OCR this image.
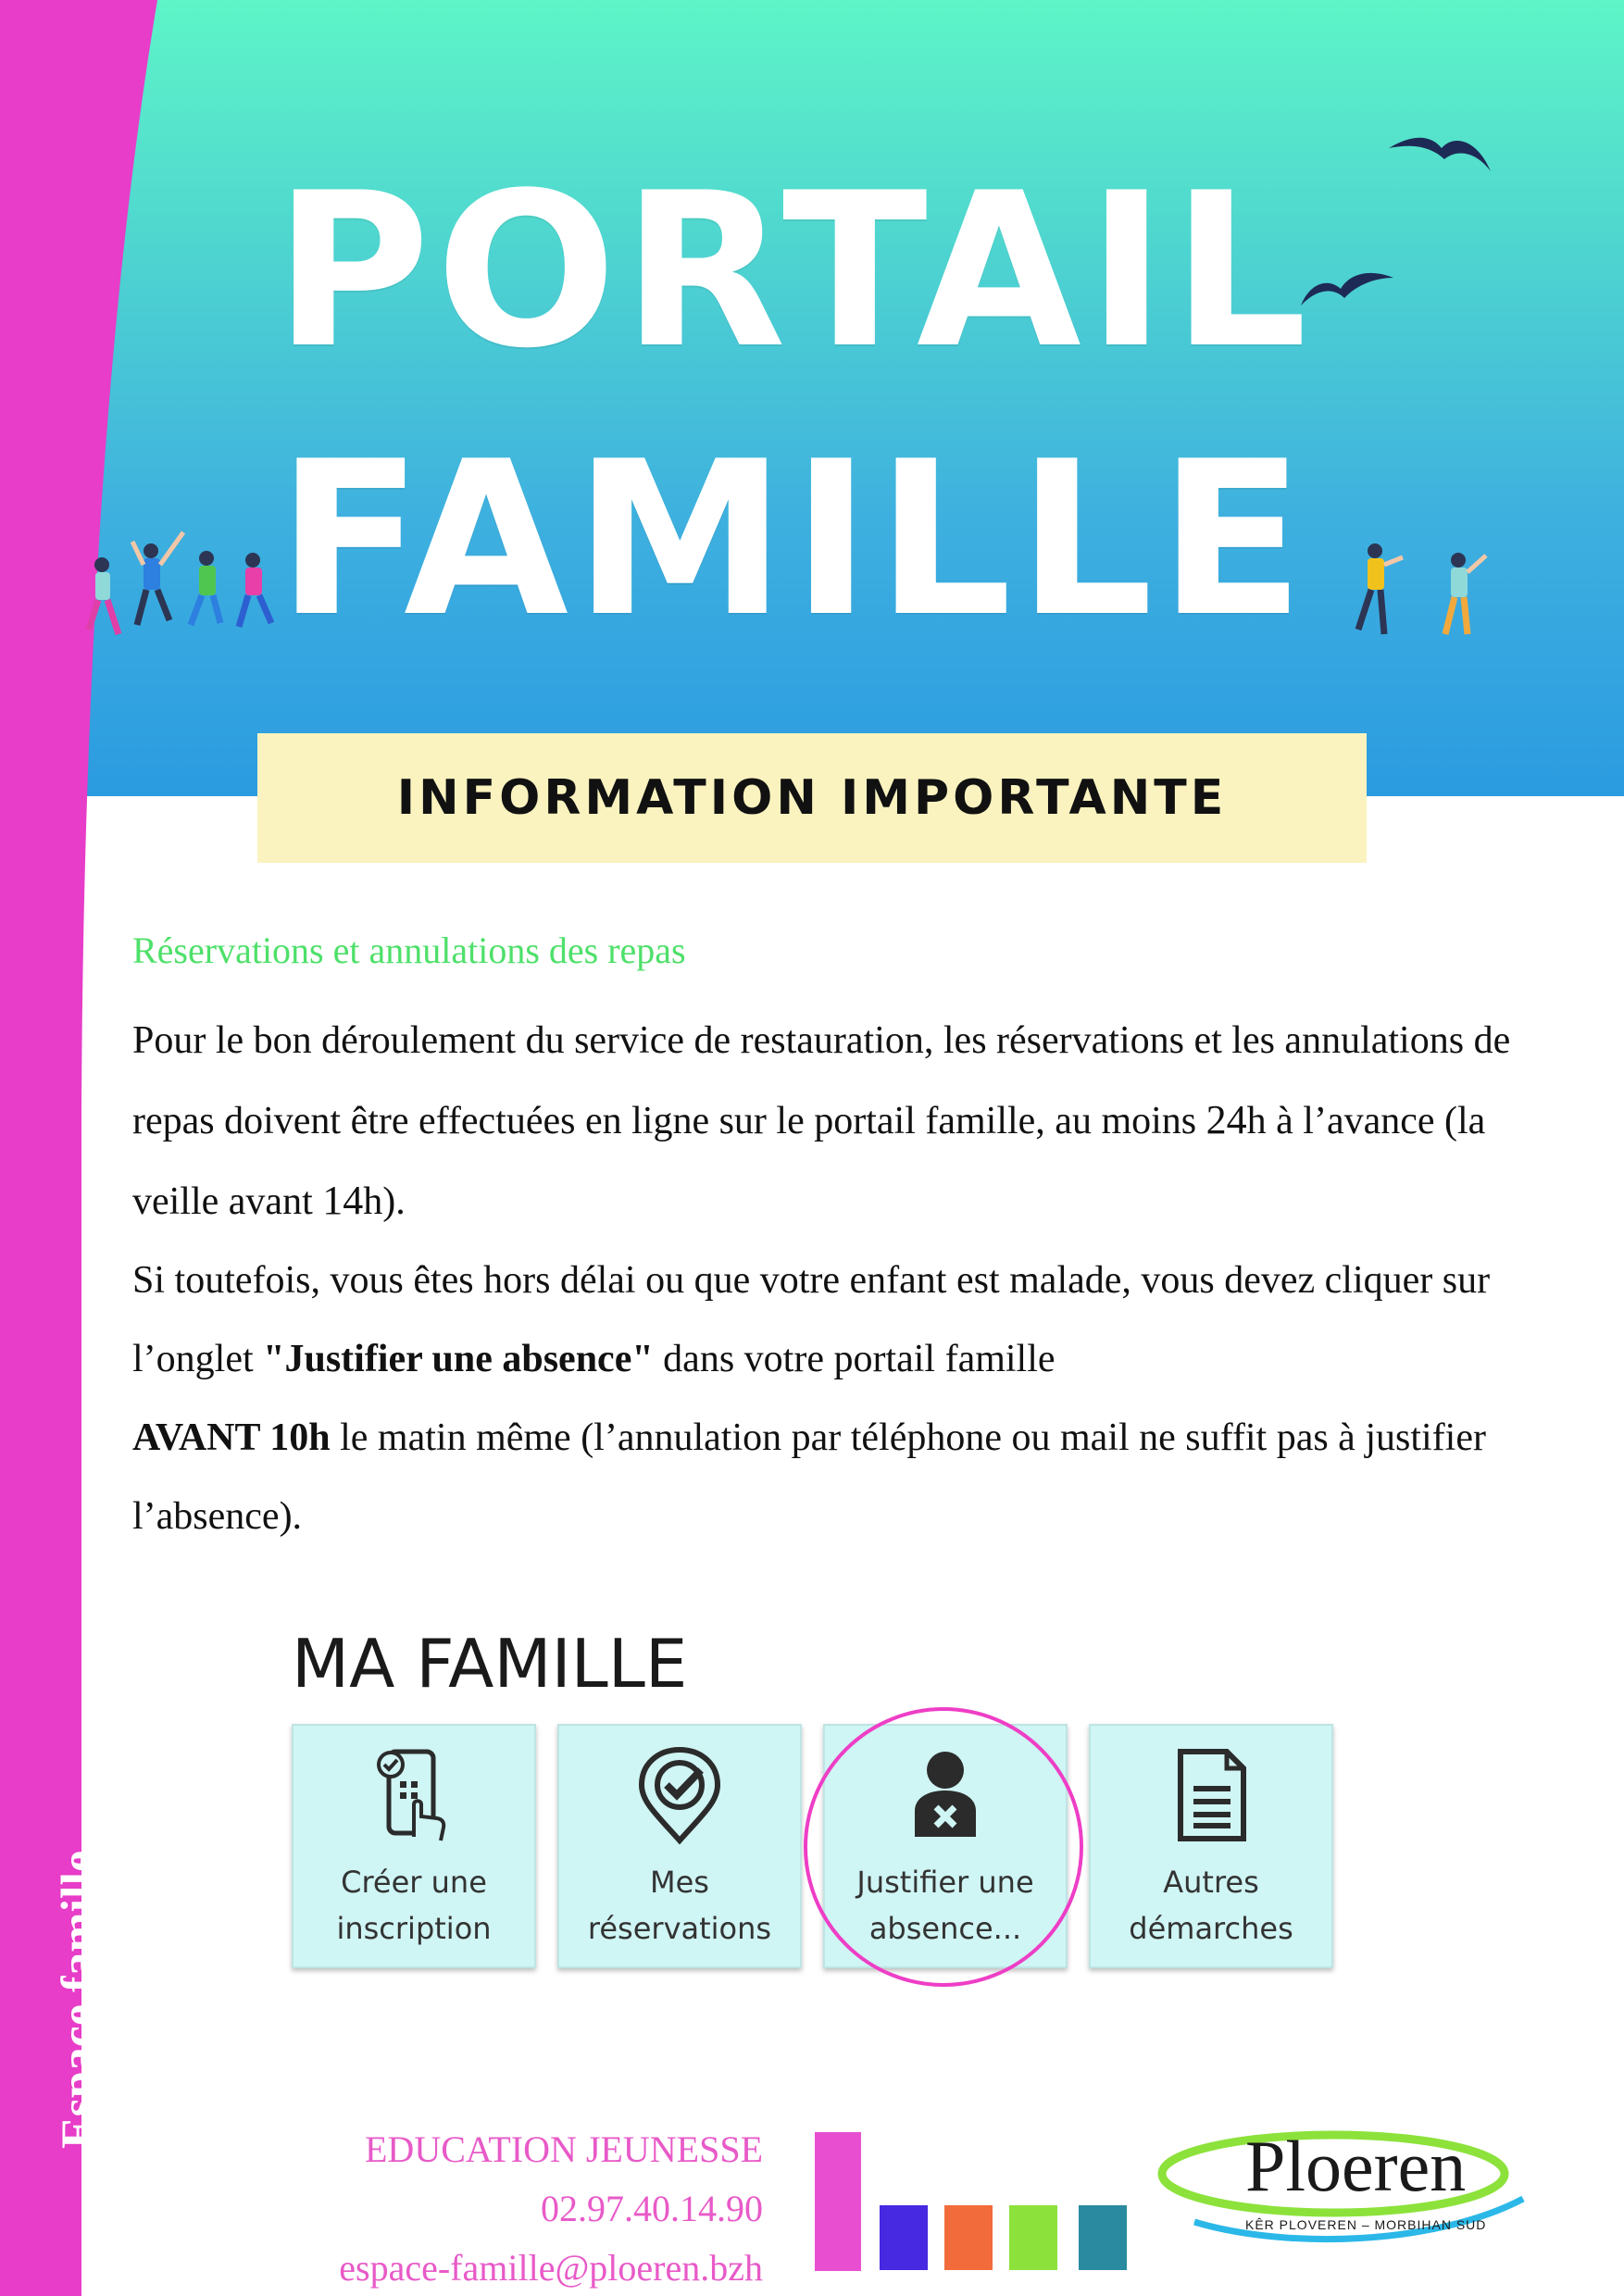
Espace famille
PORTAIL
FAMILLE
INFORMATION IMPORTANTE
Réservations et annulations des repas
Pour le bon déroulement du service de restauration, les réservations et les annulations de repas doivent être effectuées en ligne sur le portail famille, au moins 24h à l’avance (la veille avant 14h).
Si toutefois, vous êtes hors délai ou que votre enfant est malade, vous devez cliquer sur l’onglet "Justifier une absence" dans votre portail famille
AVANT 10h le matin même (l’annulation par téléphone ou mail ne suffit pas à justifier l’absence).
MA FAMILLE
Créer une
inscription
Mes
réservations
Justifier une
absence...
Autres
démarches
EDUCATION JEUNESSE
02.97.40.14.90
espace-famille@ploeren.bzh
Ploeren
KÊR PLOVEREN – MORBIHAN SUD
